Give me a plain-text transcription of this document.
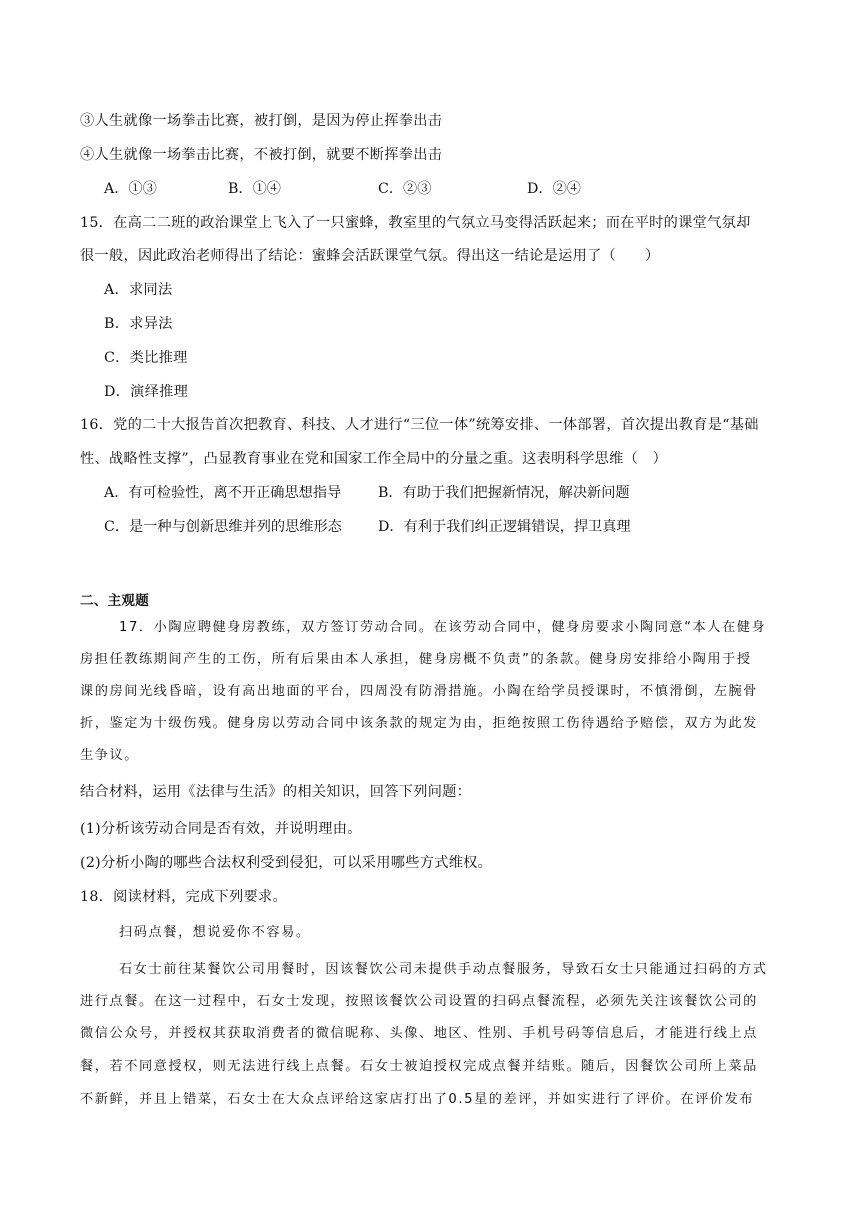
③人生就像一场拳击比赛，被打倒，是因为停止挥拳出击
④人生就像一场拳击比赛，不被打倒，就要不断挥拳出击
A．①③	B．①④	C．②③	D．②④
15．在高二二班的政治课堂上飞入了一只蜜蜂，教室里的气氛立马变得活跃起来；而在平时的课堂气氛却
很一般，因此政治老师得出了结论：蜜蜂会活跃课堂气氛。得出这一结论是运用了（　　）
A．求同法
B．求异法
C．类比推理
D．演绎推理
16．党的二十大报告首次把教育、科技、人才进行“三位一体”统筹安排、一体部署，首次提出教育是“基础
性、战略性支撑”，凸显教育事业在党和国家工作全局中的分量之重。这表明科学思维（　）
A．有可检验性，离不开正确思想指导	B．有助于我们把握新情况，解决新问题
C．是一种与创新思维并列的思维形态	D．有利于我们纠正逻辑错误，捍卫真理
二、主观题
17．小陶应聘健身房教练，双方签订劳动合同。在该劳动合同中，健身房要求小陶同意“本人在健身
房担任教练期间产生的工伤，所有后果由本人承担，健身房概不负责”的条款。健身房安排给小陶用于授
课的房间光线昏暗，设有高出地面的平台，四周没有防滑措施。小陶在给学员授课时，不慎滑倒，左腕骨
折，鉴定为十级伤残。健身房以劳动合同中该条款的规定为由，拒绝按照工伤待遇给予赔偿，双方为此发
生争议。
结合材料，运用《法律与生活》的相关知识，回答下列问题：
(1)分析该劳动合同是否有效，并说明理由。
(2)分析小陶的哪些合法权利受到侵犯，可以采用哪些方式维权。
18．阅读材料，完成下列要求。
扫码点餐，想说爱你不容易。
石女士前往某餐饮公司用餐时，因该餐饮公司未提供手动点餐服务，导致石女士只能通过扫码的方式
进行点餐。在这一过程中，石女士发现，按照该餐饮公司设置的扫码点餐流程，必须先关注该餐饮公司的
微信公众号，并授权其获取消费者的微信昵称、头像、地区、性别、手机号码等信息后，才能进行线上点
餐，若不同意授权，则无法进行线上点餐。石女士被迫授权完成点餐并结账。随后，因餐饮公司所上菜品
不新鲜，并且上错菜，石女士在大众点评给这家店打出了0.5星的差评，并如实进行了评价。在评价发布
